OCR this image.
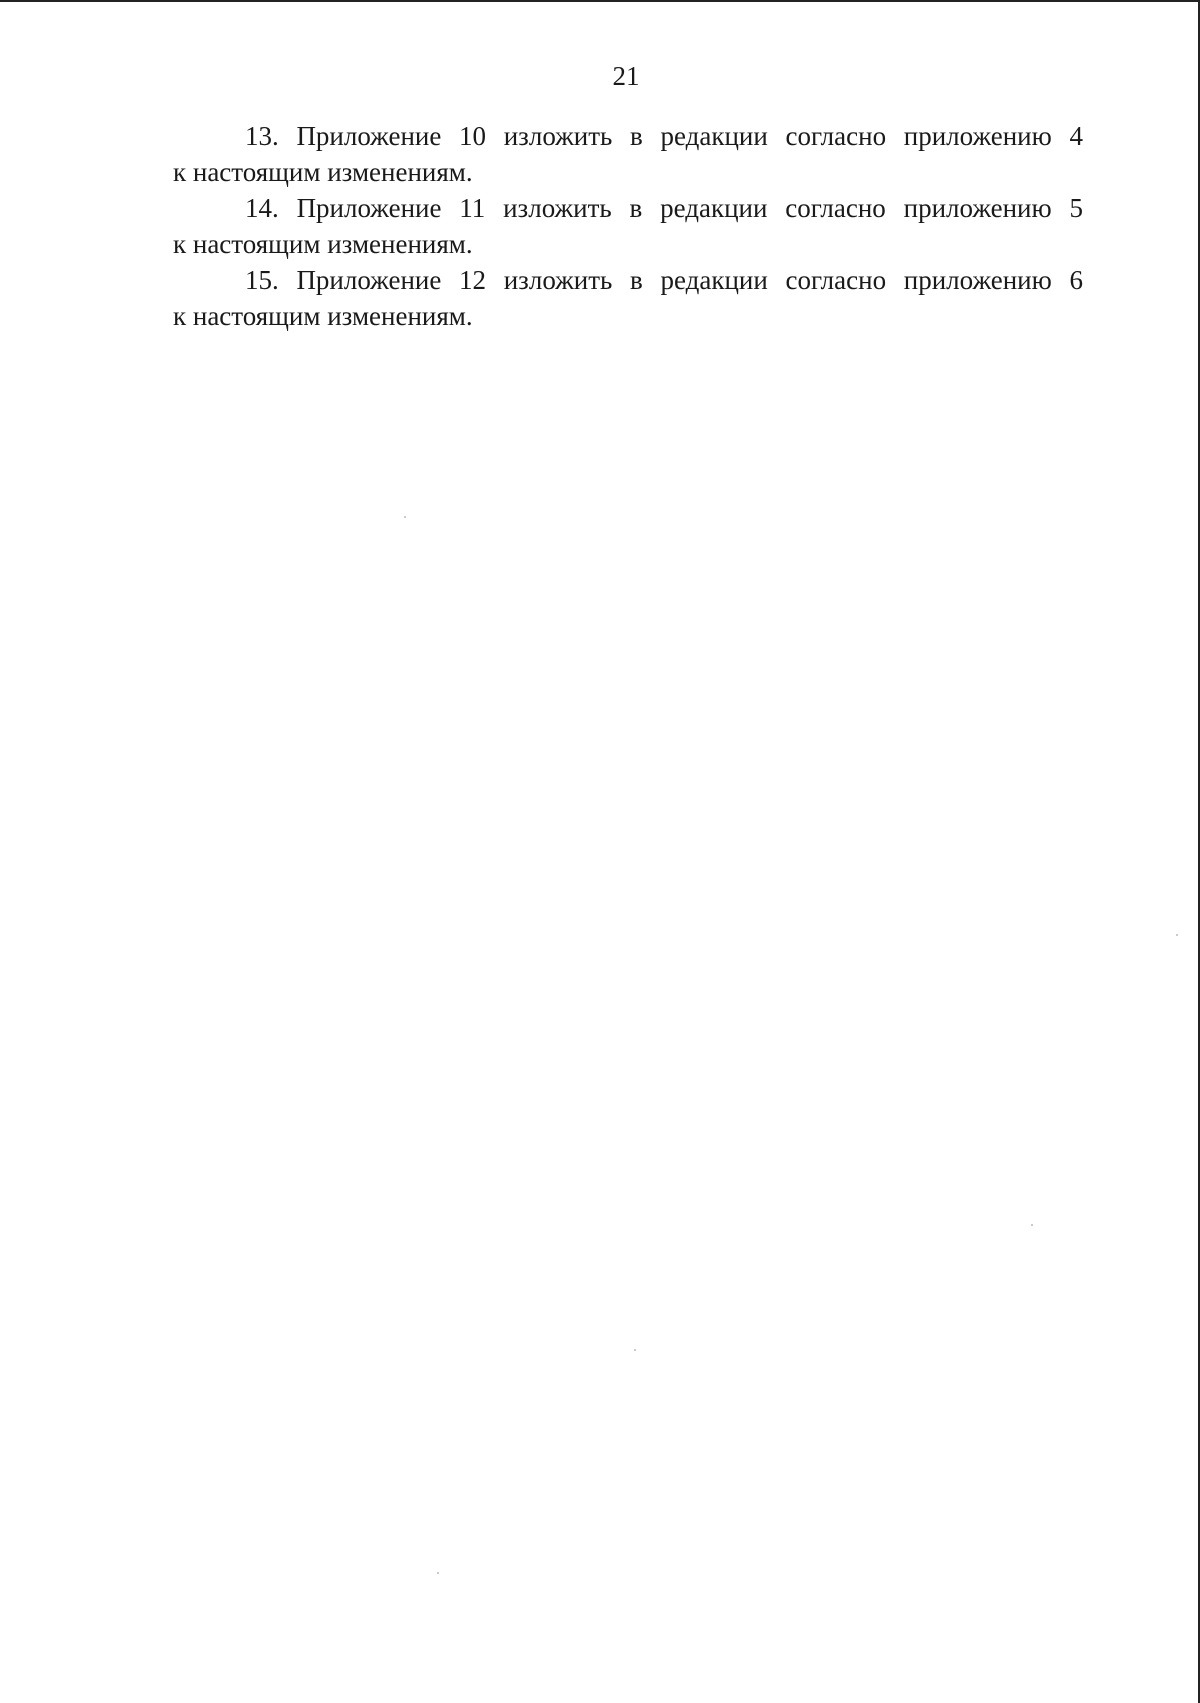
21

13. Приложение 10 изложить в редакции согласно приложению 4
к настоящим изменениям.

14. Приложение 11 изложить в редакции согласно приложению 5
к настоящим изменениям.

15. Приложение 12 изложить в редакции согласно приложению 6
к настоящим изменениям.
